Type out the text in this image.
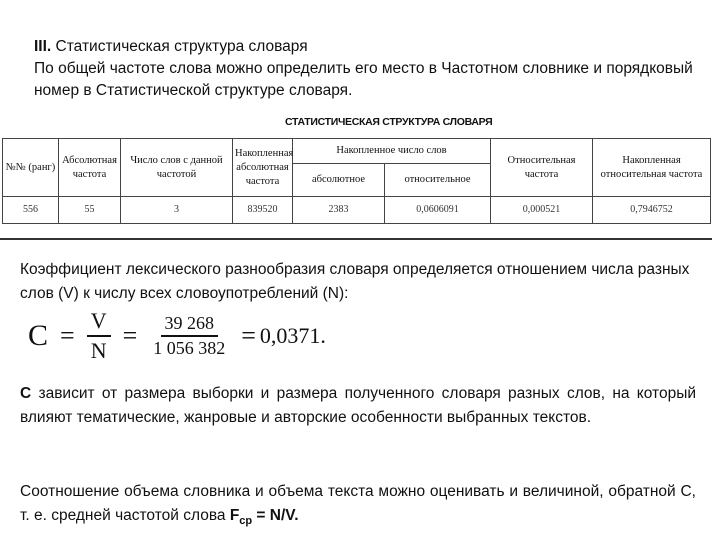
III. Статистическая структура словаря

По общей частоте слова можно определить его место в Частотном словнике и порядковый номер в Статистической структуре словаря.

СТАТИСТИЧЕСКАЯ СТРУКТУРА СЛОВАРЯ
№№ (ранг)	Абсолютная частота	Число слов с данной частотой	Накопленная абсолютная частота	Накопленное число слов		Относительная частота	Накопленная относительная частота
				абсолютное	относительное		
556	55	3	839520	2383	0,0606091	0,000521	0,7946752

Коэффициент лексического разнообразия словаря определяется отношением числа разных слов (V) к числу всех словоупотреблений (N):

$C = \frac{V}{N} = \frac{39 268}{1 056 382} = 0,0371$.

С зависит от размера выборки и размера полученного словаря разных слов, на который влияют тематические, жанровые и авторские особенности выбранных текстов.

Соотношение объема словника и объема текста можно оценивать и величиной, обратной С, т. е. средней частотой слова $F_{ср} = N/V$.
